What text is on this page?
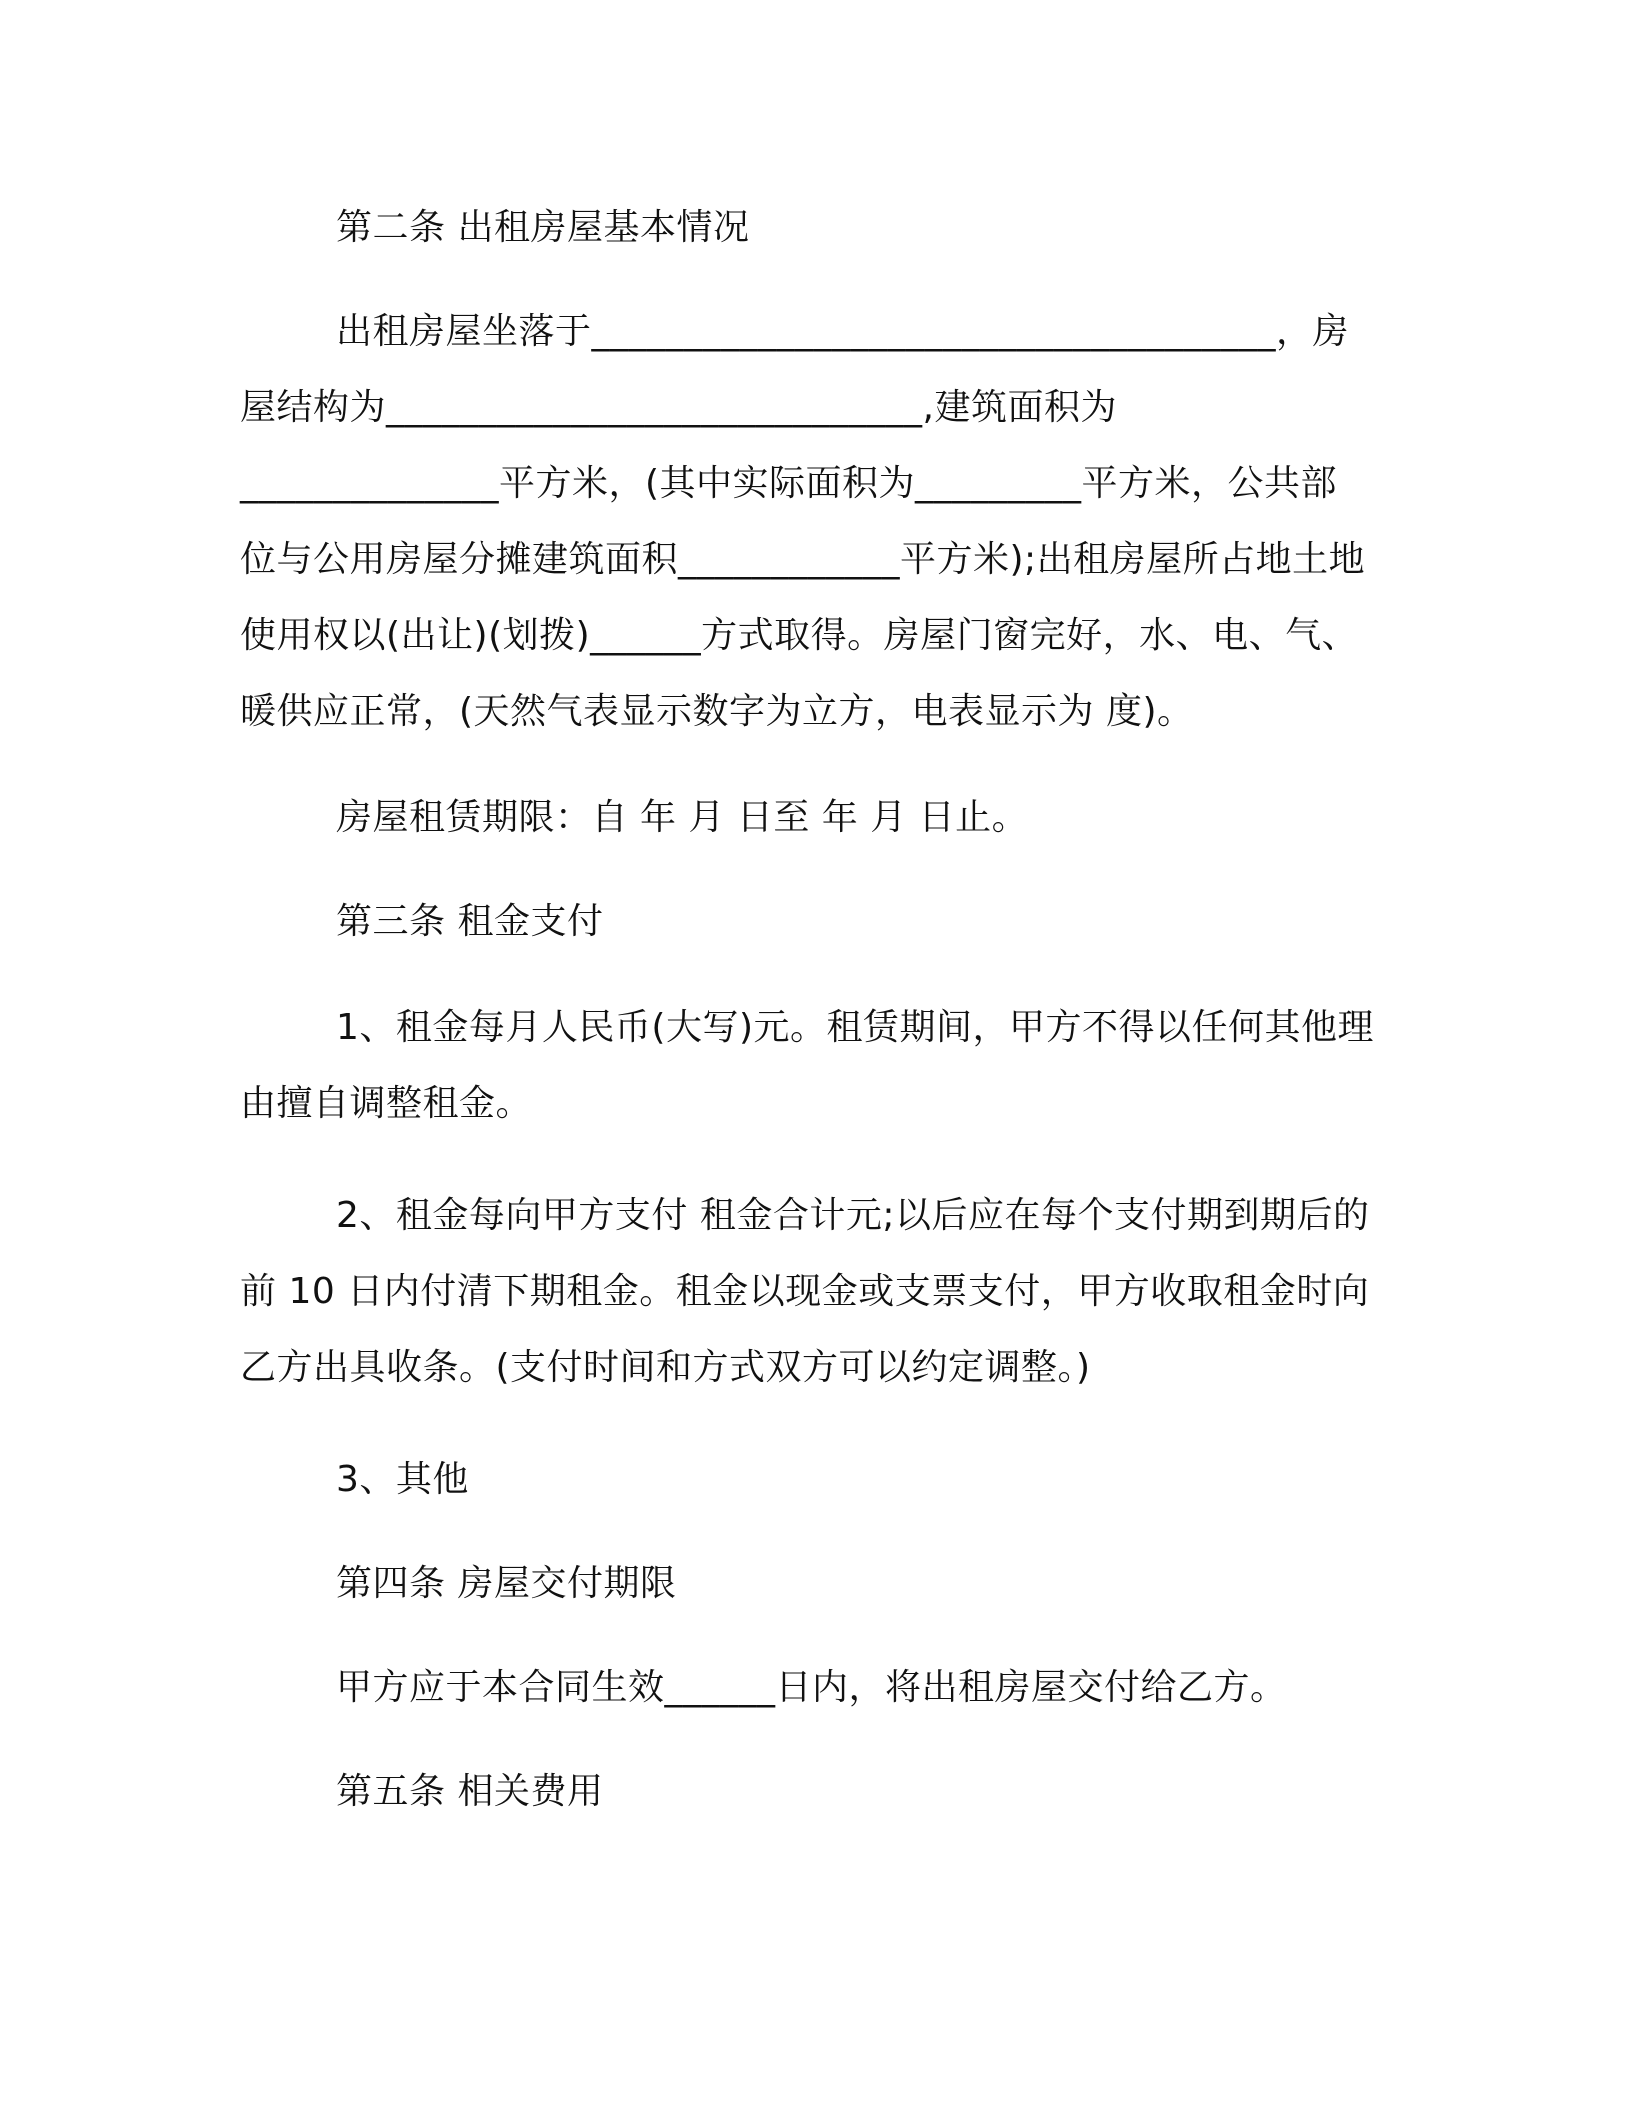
第二条 出租房屋基本情况

出租房屋坐落于_____________________________________，房
屋结构为_____________________________,建筑面积为
______________平方米，(其中实际面积为_________平方米，公共部
位与公用房屋分摊建筑面积____________平方米);出租房屋所占地土地
使用权以(出让)(划拨)______方式取得。房屋门窗完好，水、电、气、
暖供应正常，(天然气表显示数字为立方，电表显示为 度)。

房屋租赁期限：自 年 月 日至 年 月 日止。

第三条 租金支付

1、租金每月人民币(大写)元。租赁期间，甲方不得以任何其他理
由擅自调整租金。
2、租金每向甲方支付 租金合计元;以后应在每个支付期到期后的
前 10 日内付清下期租金。租金以现金或支票支付，甲方收取租金时向
乙方出具收条。(支付时间和方式双方可以约定调整。)

3、其他

第四条 房屋交付期限

甲方应于本合同生效______日内，将出租房屋交付给乙方。

第五条 相关费用
